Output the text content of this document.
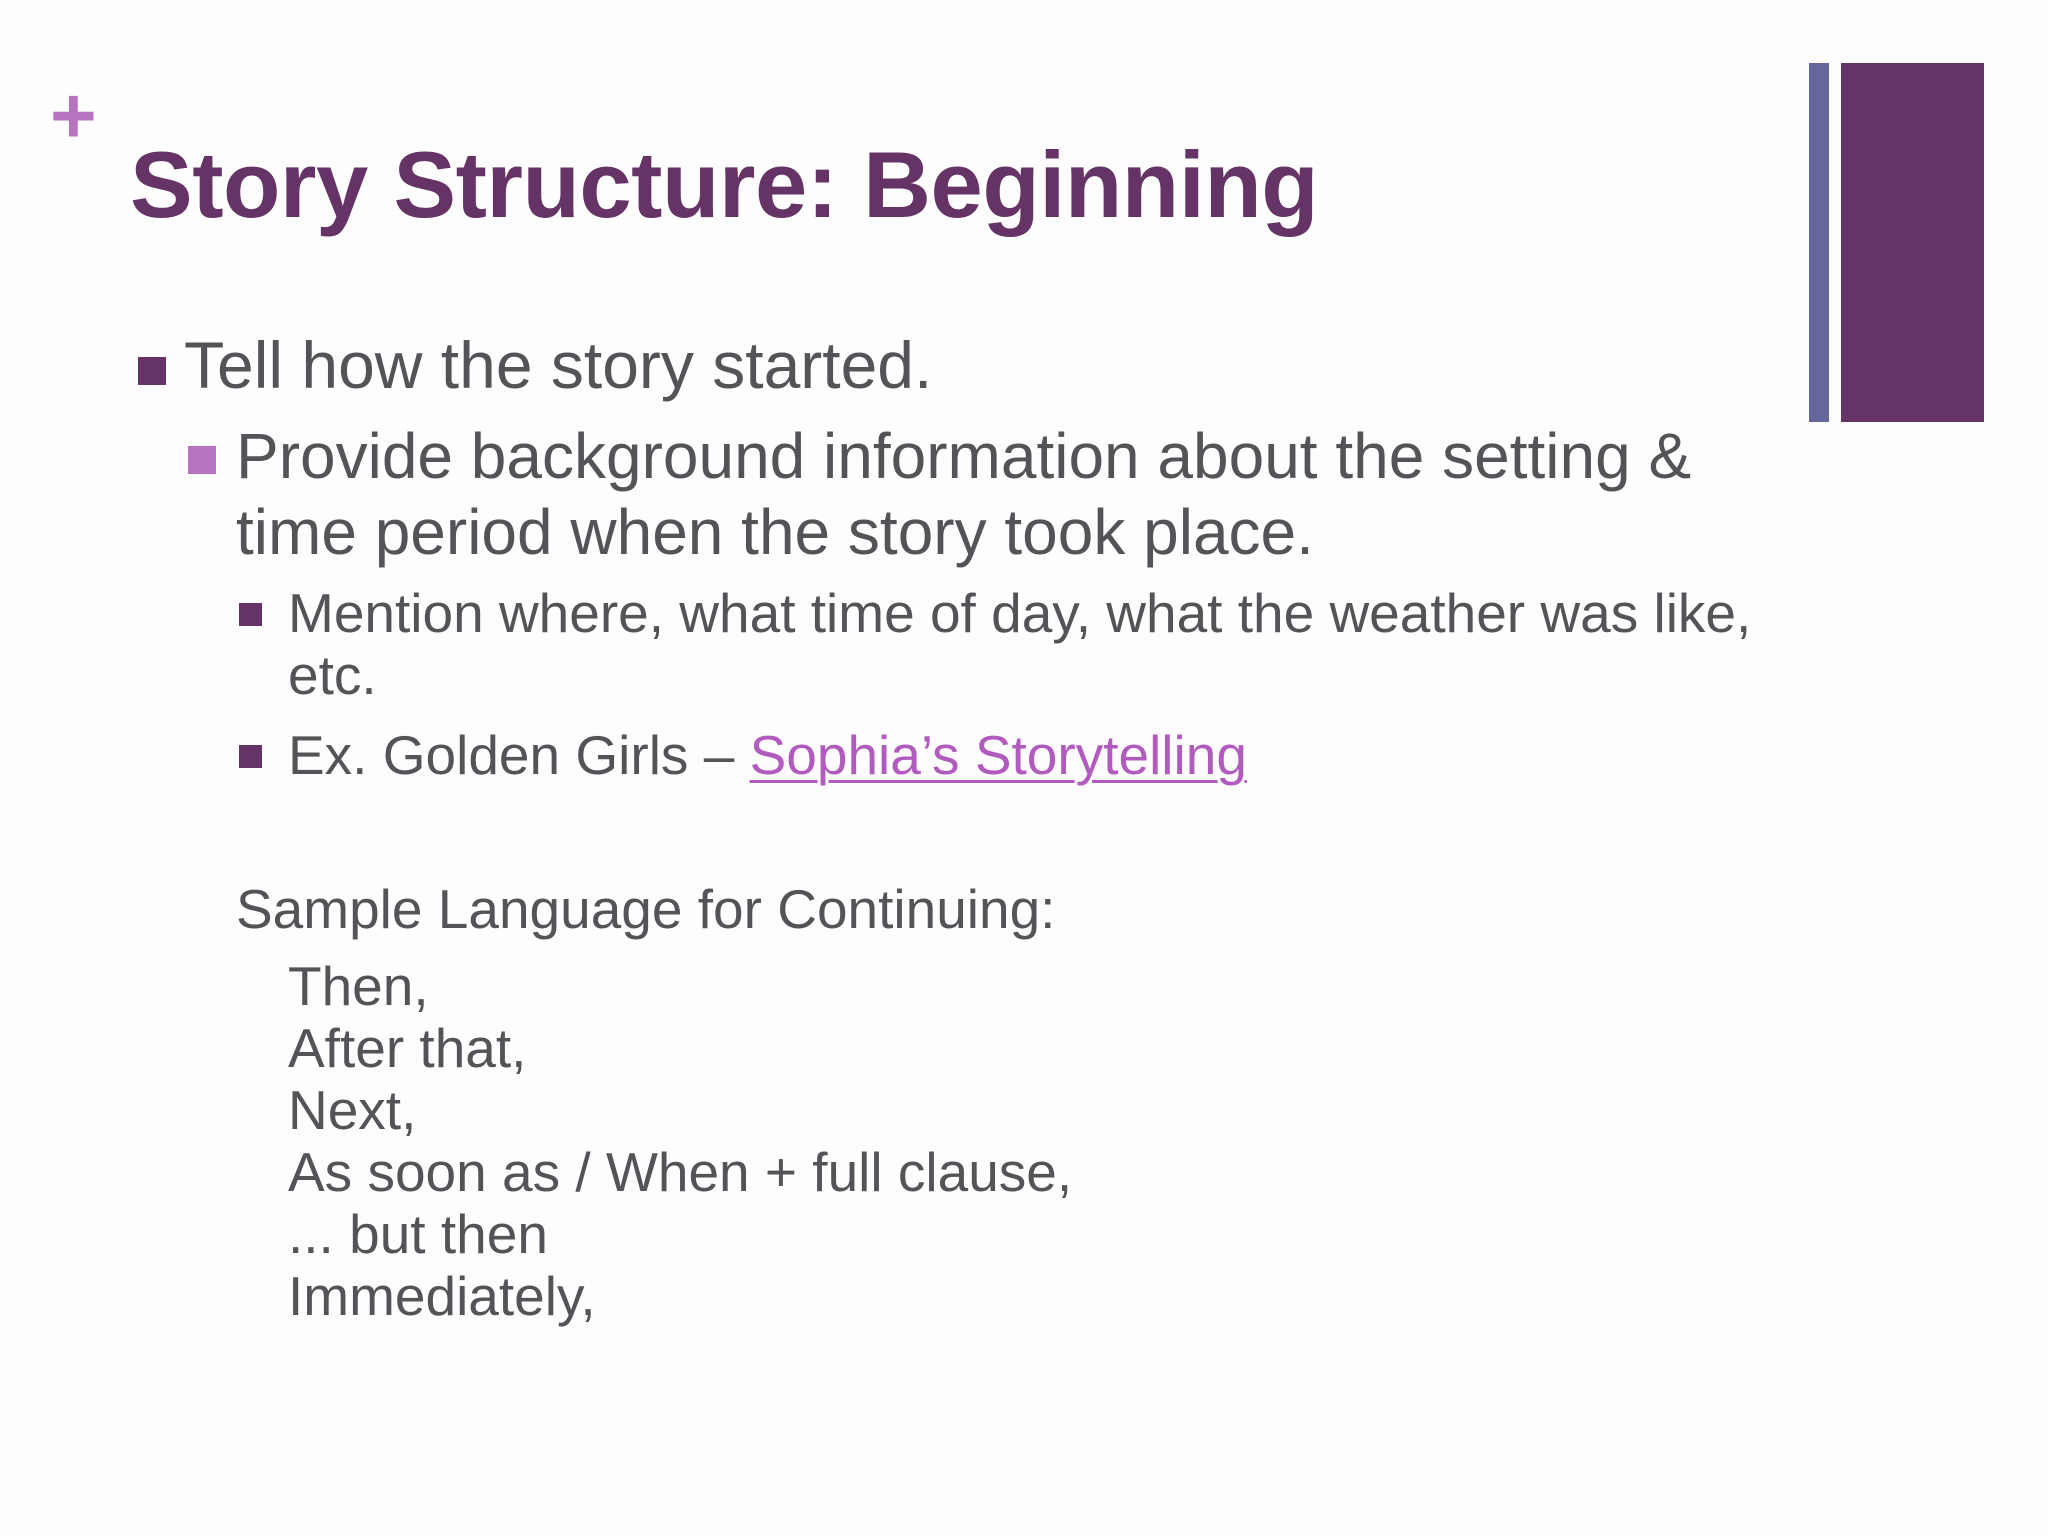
+
Story Structure: Beginning
Tell how the story started.
Provide background information about the setting & time period when the story took place.
Mention where, what time of day, what the weather was like, etc.
Ex. Golden Girls – Sophia’s Storytelling
Sample Language for Continuing:
Then,
After that,
Next,
As soon as / When + full clause,
... but then
Immediately,
